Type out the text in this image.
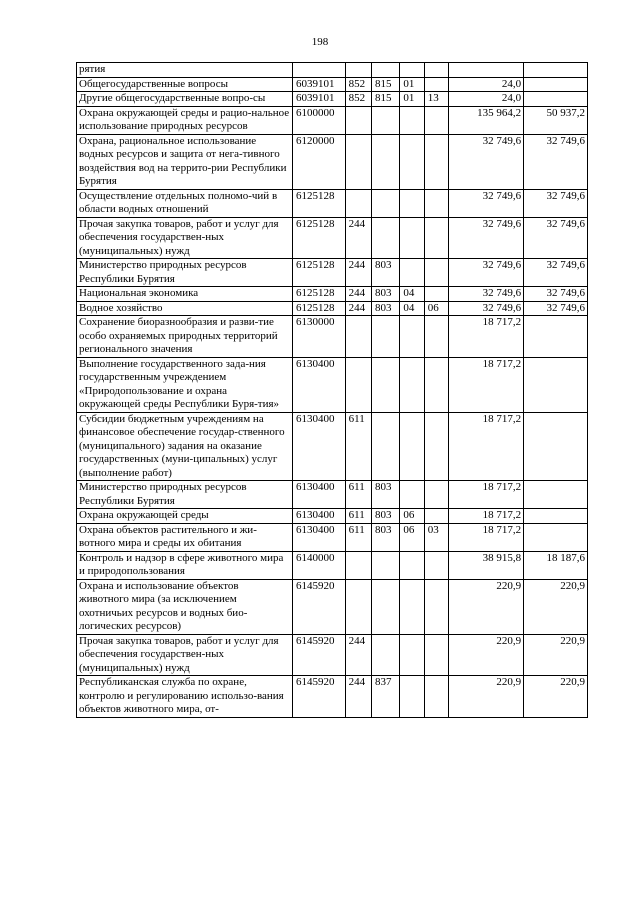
198
рятия							
Общегосударственные вопросы	6039101	852	815	01		24,0	
Другие общегосударственные вопро-сы	6039101	852	815	01	13	24,0	
Охрана окружающей среды и рацио-нальное использование природных ресурсов	6100000					135 964,2	50 937,2
Охрана, рациональное использование водных ресурсов и защита от нега-тивного воздействия вод на террито-рии Республики Бурятия	6120000					32 749,6	32 749,6
Осуществление отдельных полномо-чий в области водных отношений	6125128					32 749,6	32 749,6
Прочая закупка товаров, работ и услуг для обеспечения государствен-ных (муниципальных) нужд	6125128	244				32 749,6	32 749,6
Министерство природных ресурсов Республики Бурятия	6125128	244	803			32 749,6	32 749,6
Национальная экономика	6125128	244	803	04		32 749,6	32 749,6
Водное хозяйство	6125128	244	803	04	06	32 749,6	32 749,6
Сохранение биоразнообразия и разви-тие особо охраняемых природных территорий регионального значения	6130000					18 717,2	
Выполнение государственного зада-ния государственным учреждением «Природопользование и охрана окружающей среды Республики Буря-тия»	6130400					18 717,2	
Субсидии бюджетным учреждениям на финансовое обеспечение государ-ственного (муниципального) задания на оказание государственных (муни-ципальных) услуг (выполнение работ)	6130400	611				18 717,2	
Министерство природных ресурсов Республики Бурятия	6130400	611	803			18 717,2	
Охрана окружающей среды	6130400	611	803	06		18 717,2	
Охрана объектов растительного и жи-вотного мира и среды их обитания	6130400	611	803	06	03	18 717,2	
Контроль и надзор в сфере животного мира и природопользования	6140000					38 915,8	18 187,6
Охрана и использование объектов животного мира (за исключением охотничьих ресурсов и водных био-логических ресурсов)	6145920					220,9	220,9
Прочая закупка товаров, работ и услуг для обеспечения государствен-ных (муниципальных) нужд	6145920	244				220,9	220,9
Республиканская служба по охране, контролю и регулированию использо-вания объектов животного мира, от-	6145920	244	837			220,9	220,9
